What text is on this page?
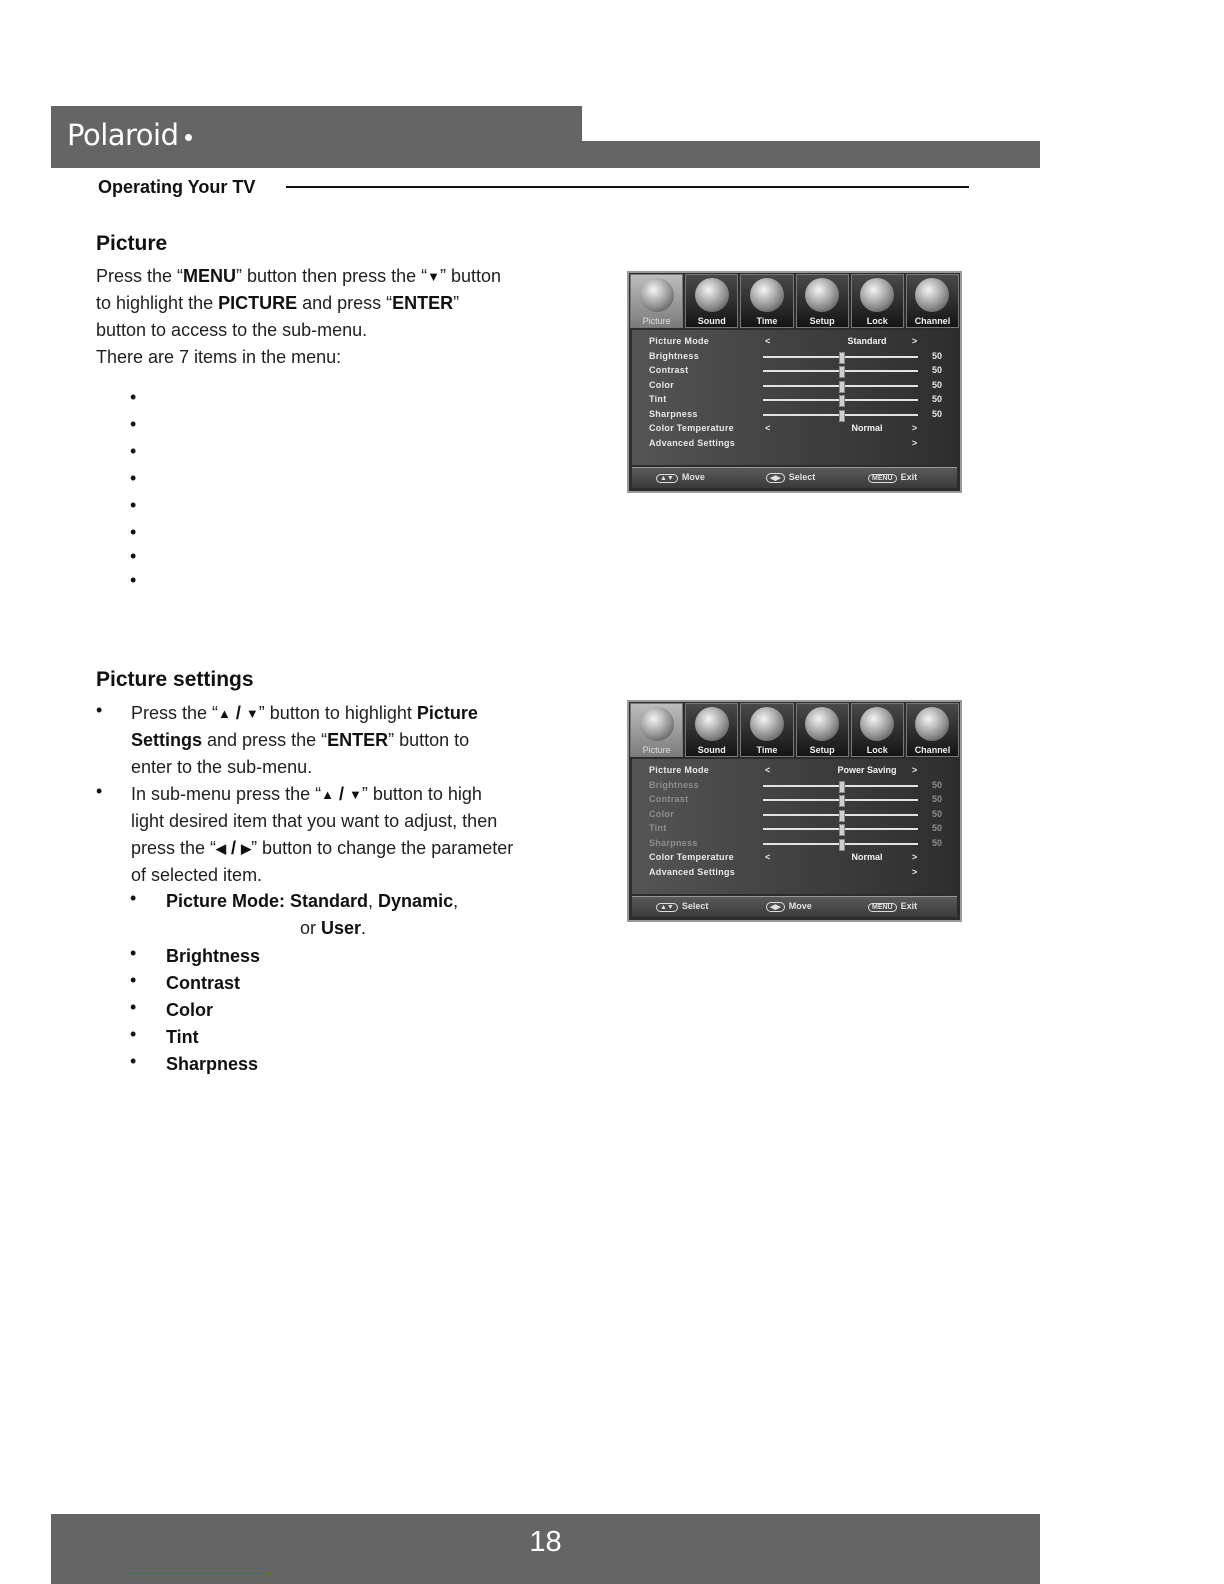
Polaroid
Operating Your TV
Picture
Press the “MENU” button then press the “▼” button
to highlight the PICTURE and press “ENTER”
button to access to the sub-menu.
There are 7 items in the menu:
•
•
•
•
•
•
•
•
Picture settings
• Press the “▲ / ▼” button to highlight Picture
Settings and press the “ENTER” button to
enter to the sub-menu.
• In sub-menu press the “▲ / ▼” button to high
light desired item that you want to adjust, then
press the “◀ / ▶” button to change the parameter
of selected item.
• Picture Mode: Standard, Dynamic,
• Brightness
• Contrast
• Color
• Tint
• Sharpness
or User.
Picture	Sound	Time	Setup	Lock	Channel
Picture Mode	<	Standard	>
Brightness	50
Contrast	50
Color	50
Tint	50
Sharpness	50
Color Temperature	<	Normal	>
Advanced Settings	>
▲▼ Move	◀▶ Select	MENU Exit
Picture	Sound	Time	Setup	Lock	Channel
Picture Mode	<	Power Saving	>
Brightness	50
Contrast	50
Color	50
Tint	50
Sharpness	50
Color Temperature	<	Normal	>
Advanced Settings	>
▲▼ Select	◀▶ Move	MENU Exit
18
